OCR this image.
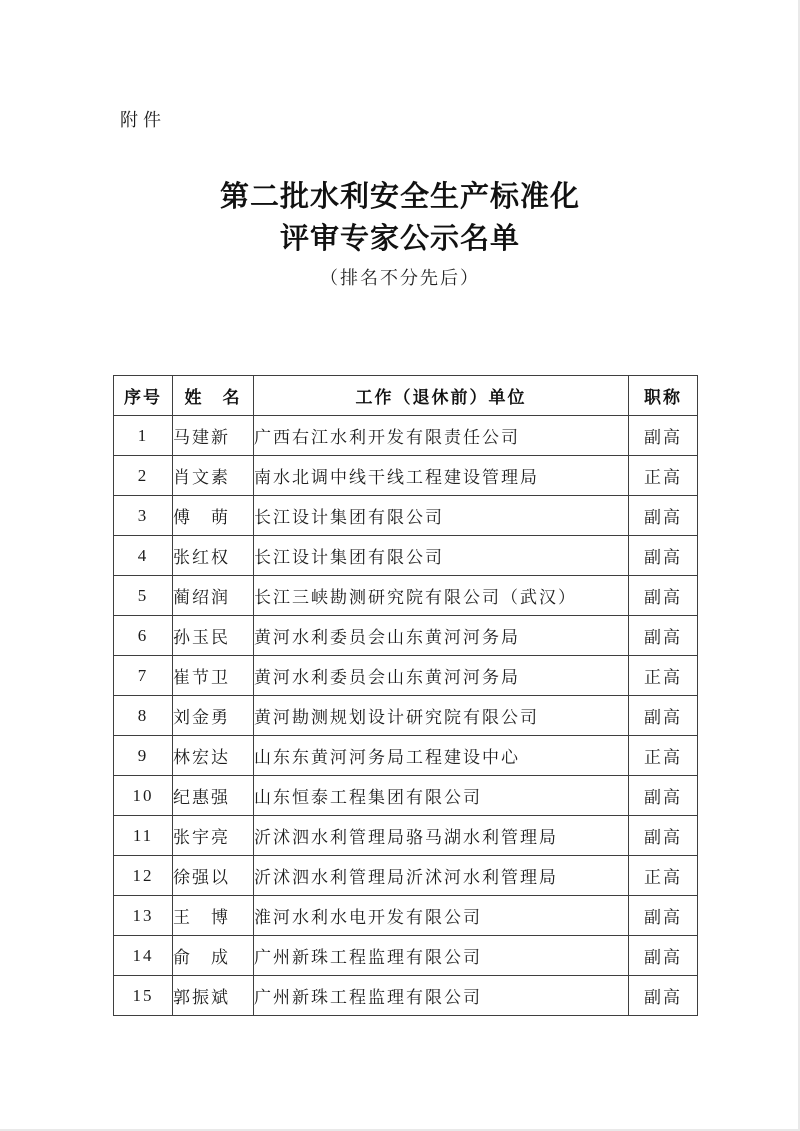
附件
第二批水利安全生产标准化
评审专家公示名单
（排名不分先后）
序号	姓　名	工作（退休前）单位	职称
1	马建新	广西右江水利开发有限责任公司	副高
2	肖文素	南水北调中线干线工程建设管理局	正高
3	傅　萌	长江设计集团有限公司	副高
4	张红权	长江设计集团有限公司	副高
5	蔺绍润	长江三峡勘测研究院有限公司（武汉）	副高
6	孙玉民	黄河水利委员会山东黄河河务局	副高
7	崔节卫	黄河水利委员会山东黄河河务局	正高
8	刘金勇	黄河勘测规划设计研究院有限公司	副高
9	林宏达	山东东黄河河务局工程建设中心	正高
10	纪惠强	山东恒泰工程集团有限公司	副高
11	张宇亮	沂沭泗水利管理局骆马湖水利管理局	副高
12	徐强以	沂沭泗水利管理局沂沭河水利管理局	正高
13	王　博	淮河水利水电开发有限公司	副高
14	俞　成	广州新珠工程监理有限公司	副高
15	郭振斌	广州新珠工程监理有限公司	副高
